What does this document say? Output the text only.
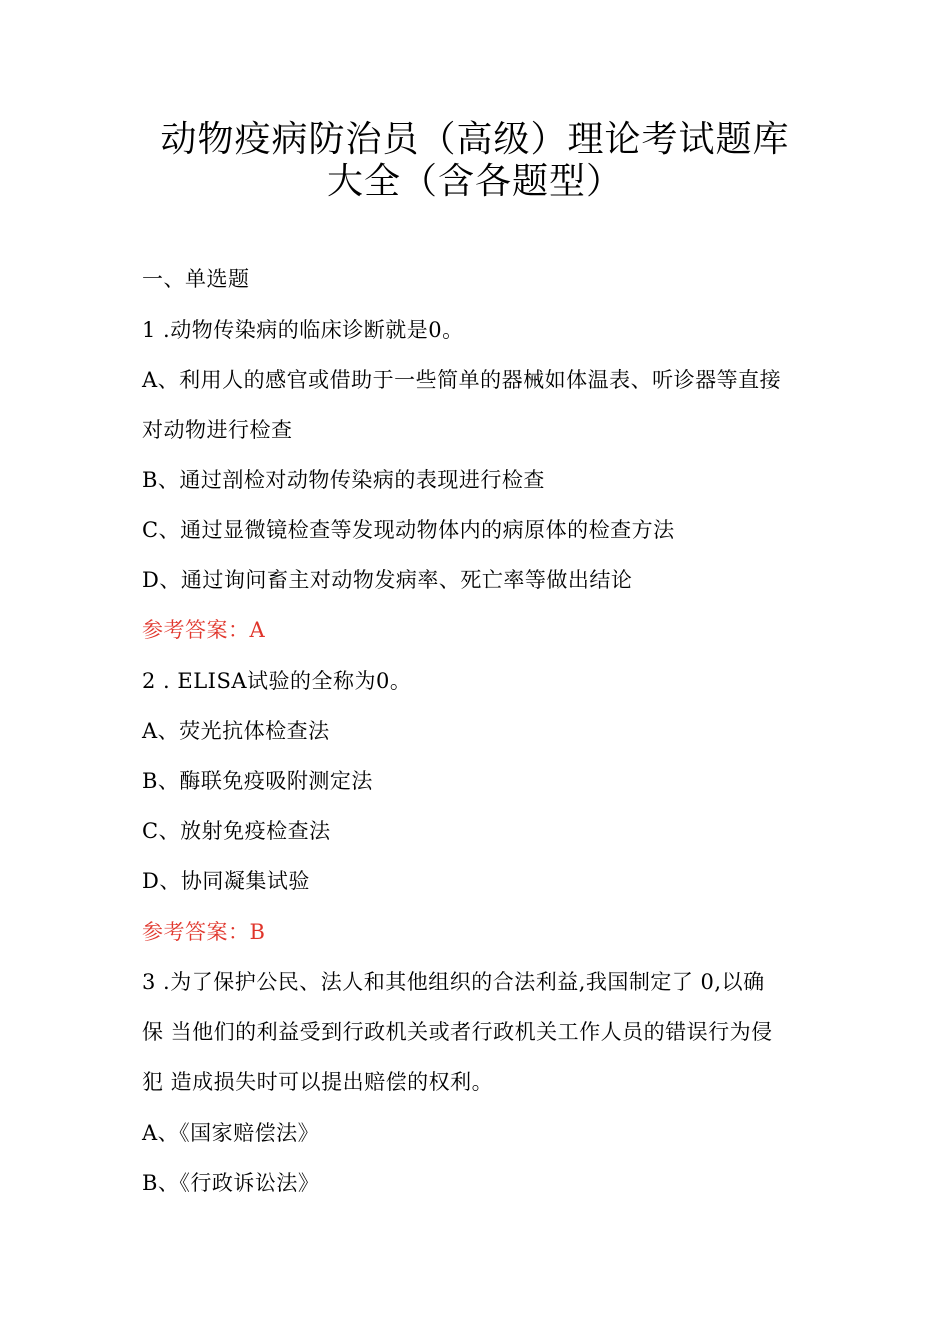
动物疫病防治员（高级）理论考试题库
大全（含各题型）
一、单选题
1 .动物传染病的临床诊断就是0。
A、利用人的感官或借助于一些简单的器械如体温表、听诊器等直接
对动物进行检查
B、通过剖检对动物传染病的表现进行检查
C、通过显微镜检查等发现动物体内的病原体的检查方法
D、通过询问畜主对动物发病率、死亡率等做出结论
参考答案：A
2 . ELISA试验的全称为0。
A、荧光抗体检查法
B、酶联免疫吸附测定法
C、放射免疫检查法
D、协同凝集试验
参考答案：B
3 .为了保护公民、法人和其他组织的合法利益,我国制定了 0,以确
保 当他们的利益受到行政机关或者行政机关工作人员的错误行为侵
犯 造成损失时可以提出赔偿的权利。
A、《国家赔偿法》
B、《行政诉讼法》
